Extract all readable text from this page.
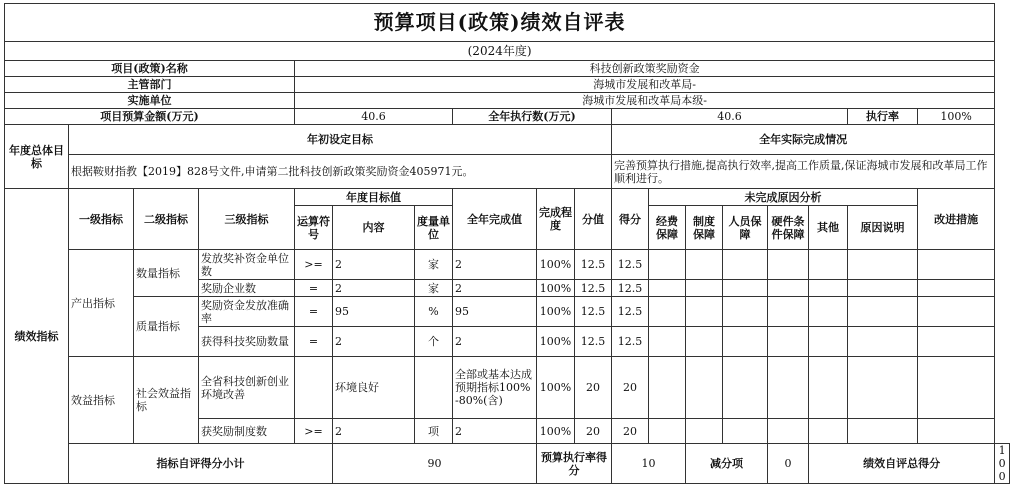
预算项目(政策)绩效自评表																		
(2024年度)																		
项目(政策)名称				科技创新政策奖励资金														
主管部门				海城市发展和改革局-														
实施单位				海城市发展和改革局本级-														
项目预算金额(万元)				40.6			全年执行数(万元)			40.6						执行率	100%	
年度总体目标	年初设定目标									全年实际完成情况								
	根据鞍财指教【2019】828号文件,申请第二批科技创新政策奖励资金405971元。									完善预算执行措施,提高执行效率,提高工作质量,保证海城市发展和改革局工作顺利进行。								
绩效指标	一级指标	二级指标	三级指标	年度目标值			全年完成值	完成程度	分值	得分	未完成原因分析						改进措施	
				运算符号	内容	度量单位					经费保障	制度保障	人员保障	硬件条件保障	其他	原因说明		
	产出指标	数量指标	发放奖补资金单位数	>=	2	家	2	100%	12.5	12.5								
			奖励企业数	=	2	家	2	100%	12.5	12.5								
		质量指标	奖励资金发放准确率	=	95	%	95	100%	12.5	12.5								
			获得科技奖励数量	=	2	个	2	100%	12.5	12.5								
	效益指标	社会效益指标	全省科技创新创业环境改善		环境良好		全部或基本达成预期指标100%-80%(含)	100%	20	20								
			获奖励制度数	>=	2	项	2	100%	20	20								
	指标自评得分小计				90			预算执行率得分		10		减分项		0	绩效自评总得分			100
